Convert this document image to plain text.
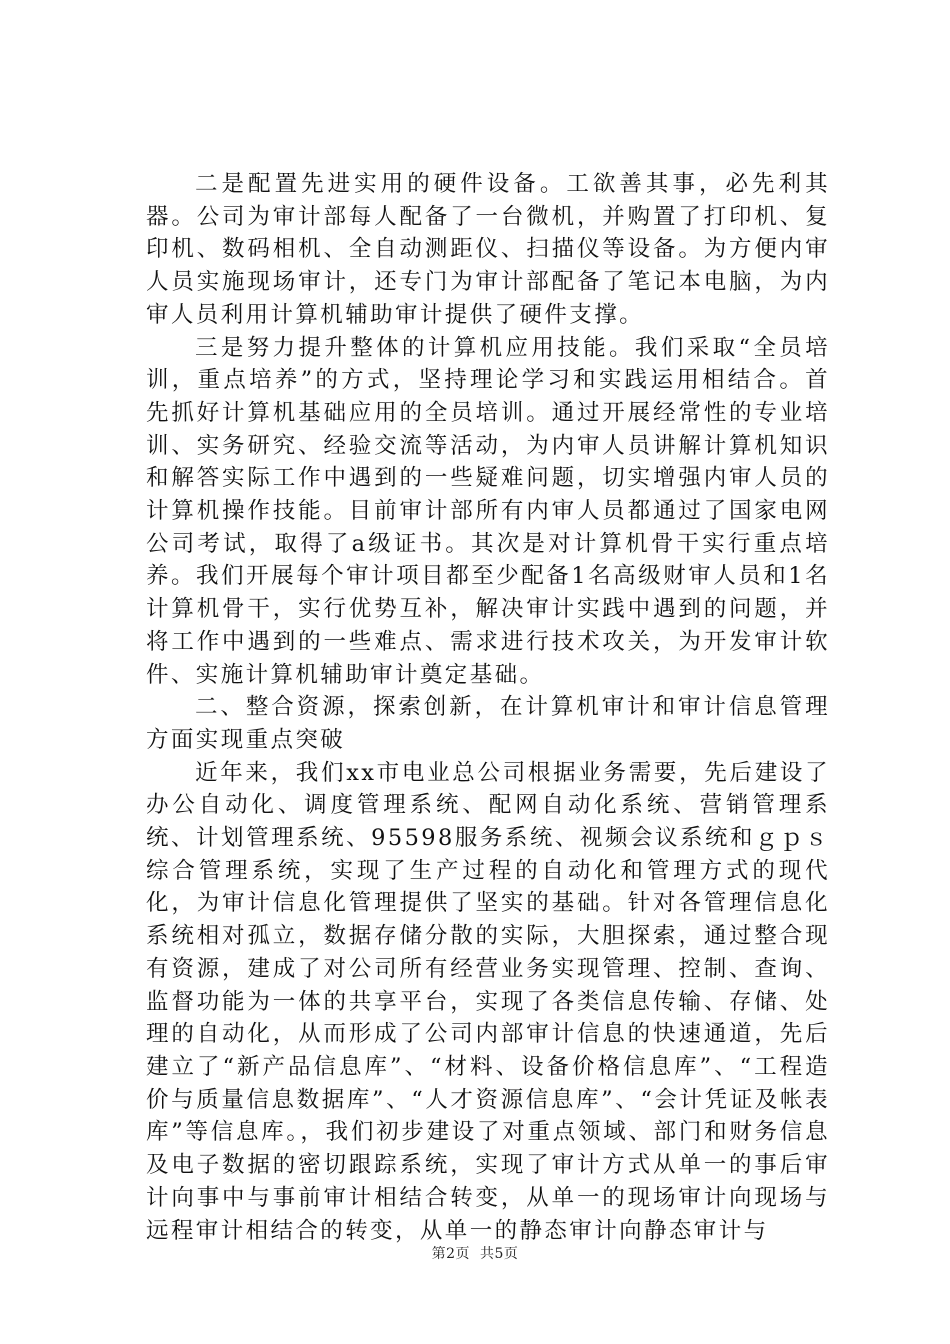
二是配置先进实用的硬件设备。工欲善其事，必先利其器。公司为审计部每人配备了一台微机，并购置了打印机、复印机、数码相机、全自动测距仪、扫描仪等设备。为方便内审人员实施现场审计，还专门为审计部配备了笔记本电脑，为内审人员利用计算机辅助审计提供了硬件支撑。

三是努力提升整体的计算机应用技能。我们采取“全员培训，重点培养”的方式，坚持理论学习和实践运用相结合。首先抓好计算机基础应用的全员培训。通过开展经常性的专业培训、实务研究、经验交流等活动，为内审人员讲解计算机知识和解答实际工作中遇到的一些疑难问题，切实增强内审人员的计算机操作技能。目前审计部所有内审人员都通过了国家电网公司考试，取得了a级证书。其次是对计算机骨干实行重点培养。我们开展每个审计项目都至少配备1名高级财审人员和1名计算机骨干，实行优势互补，解决审计实践中遇到的问题，并将工作中遇到的一些难点、需求进行技术攻关，为开发审计软件、实施计算机辅助审计奠定基础。

二、整合资源，探索创新，在计算机审计和审计信息管理方面实现重点突破

近年来，我们xx市电业总公司根据业务需要，先后建设了办公自动化、调度管理系统、配网自动化系统、营销管理系统、计划管理系统、95598服务系统、视频会议系统和ｇｐｓ综合管理系统，实现了生产过程的自动化和管理方式的现代化，为审计信息化管理提供了坚实的基础。针对各管理信息化系统相对孤立，数据存储分散的实际，大胆探索，通过整合现有资源，建成了对公司所有经营业务实现管理、控制、查询、监督功能为一体的共享平台，实现了各类信息传输、存储、处理的自动化，从而形成了公司内部审计信息的快速通道，先后建立了“新产品信息库”、“材料、设备价格信息库”、“工程造价与质量信息数据库”、“人才资源信息库”、“会计凭证及帐表库”等信息库。，我们初步建设了对重点领域、部门和财务信息及电子数据的密切跟踪系统，实现了审计方式从单一的事后审计向事中与事前审计相结合转变，从单一的现场审计向现场与远程审计相结合的转变，从单一的静态审计向静态审计与

第2页 共5页
